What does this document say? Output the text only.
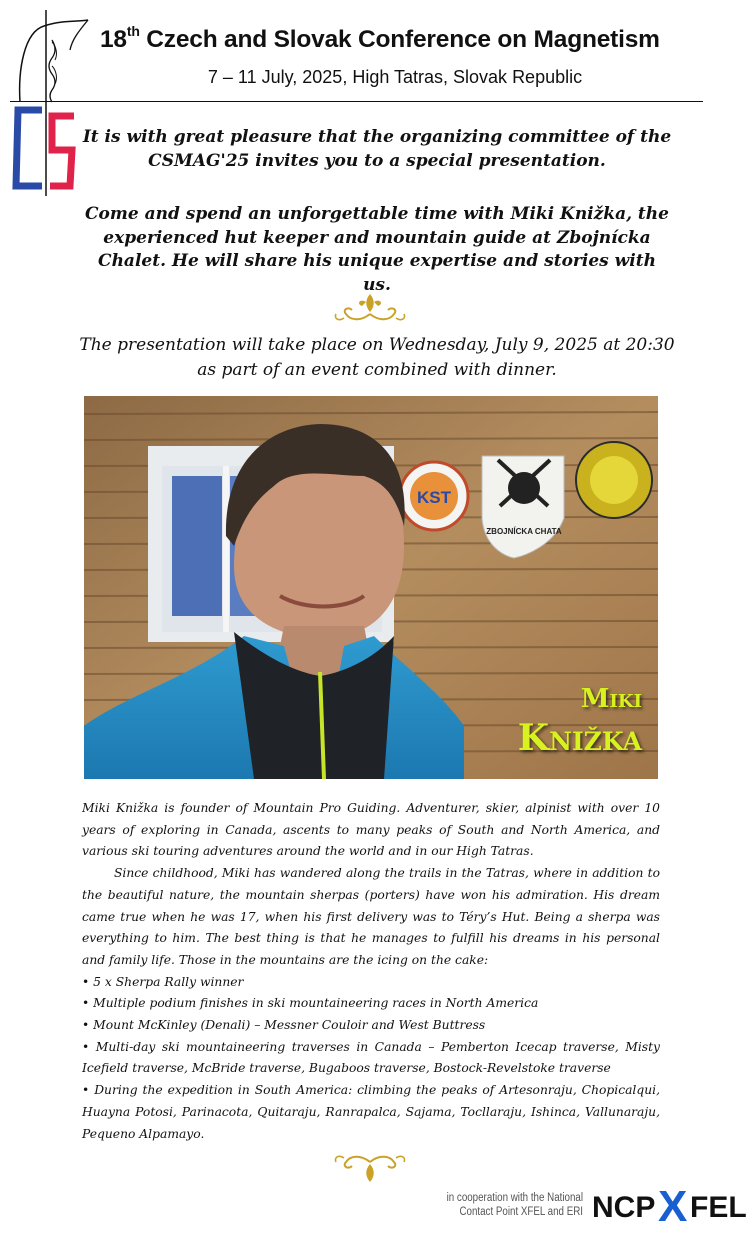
18th Czech and Slovak Conference on Magnetism
7 – 11 July, 2025, High Tatras, Slovak Republic
It is with great pleasure that the organizing committee of the CSMAG'25 invites you to a special presentation.
Come and spend an unforgettable time with Miki Knižka, the experienced hut keeper and mountain guide at Zbojnícka Chalet. He will share his unique expertise and stories with us.
The presentation will take place on Wednesday, July 9, 2025 at 20:30 as part of an event combined with dinner.
KST
ZBOJNÍCKA CHATA
Miki
Knižka

Miki Knižka is founder of Mountain Pro Guiding. Adventurer, skier, alpinist with over 10 years of exploring in Canada, ascents to many peaks of South and North America, and various ski touring adventures around the world and in our High Tatras.

Since childhood, Miki has wandered along the trails in the Tatras, where in addition to the beautiful nature, the mountain sherpas (porters) have won his admiration. His dream came true when he was 17, when his first delivery was to Téry’s Hut. Being a sherpa was everything to him. The best thing is that he manages to fulfill his dreams in his personal and family life. Those in the mountains are the icing on the cake:

• 5 x Sherpa Rally winner
• Multiple podium finishes in ski mountaineering races in North America
• Mount McKinley (Denali) – Messner Couloir and West Buttress
• Multi-day ski mountaineering traverses in Canada – Pemberton Icecap traverse, Misty Icefield traverse, McBride traverse, Bugaboos traverse, Bostock-Revelstoke traverse
• During the expedition in South America: climbing the peaks of Artesonraju, Chopicalqui, Huayna Potosi, Parinacota, Quitaraju, Ranrapalca, Sajama, Tocllaraju, Ishinca, Vallunaraju, Pequeno Alpamayo.
in cooperation with the National
Contact Point XFEL and ERI NCP X FEL
